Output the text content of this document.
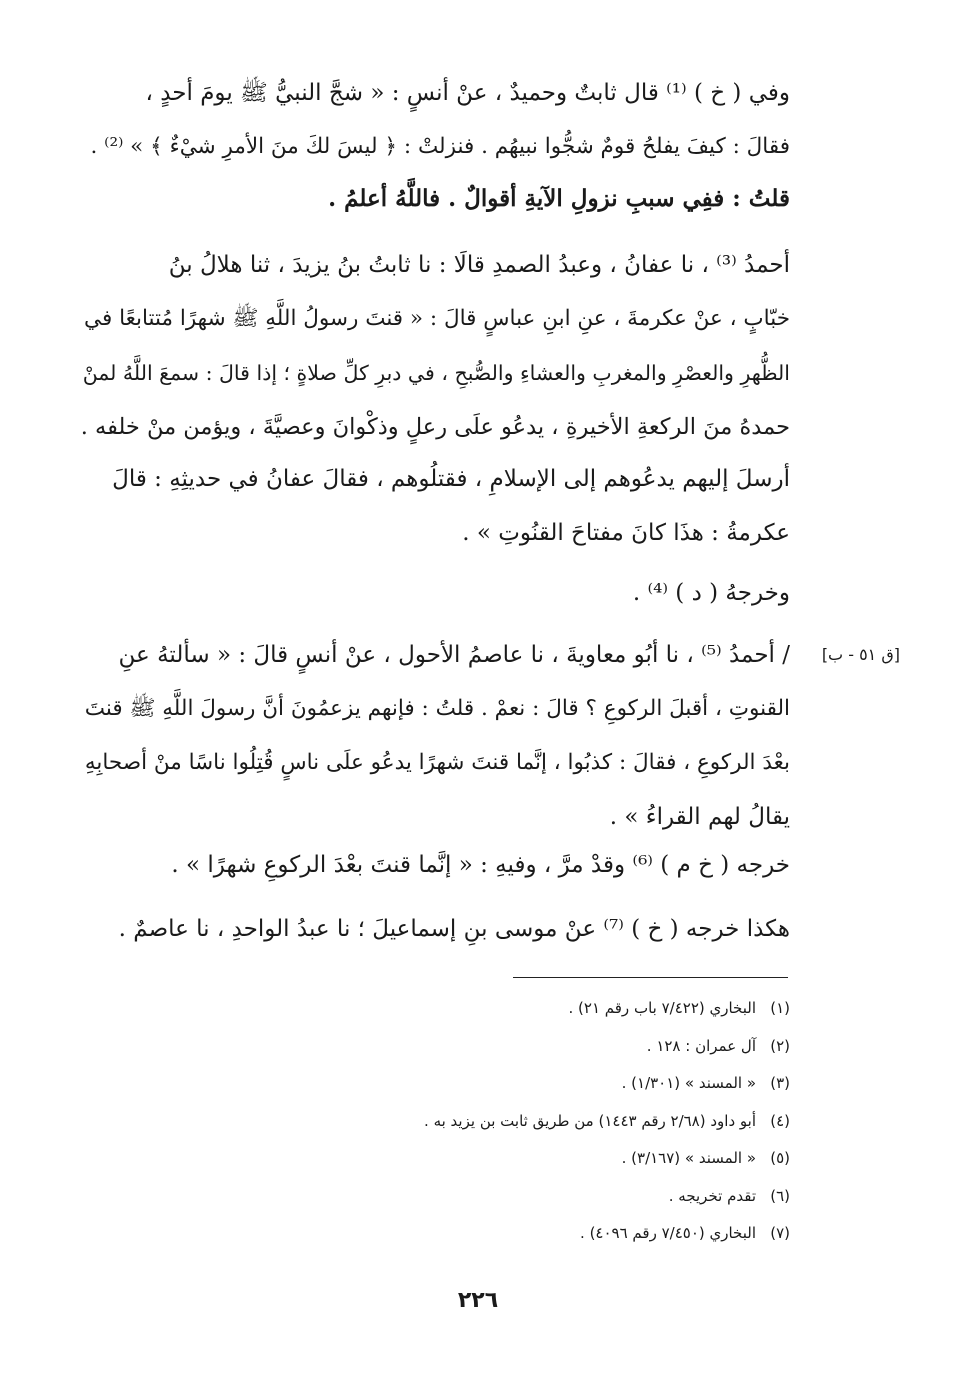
وفي ( خ ) ⁽¹⁾ قال ثابتٌ وحميدٌ ، عنْ أنسٍ : « شجَّ النبيُّ ﷺ يومَ أحدٍ ،
فقالَ : كيفَ يفلحُ قومٌ شجُّوا نبيهُم . فنزلتْ : ﴿ ليسَ لكَ منَ الأمرِ شيْءٌ ﴾ » ⁽²⁾ .
قلتُ : ففِي سببِ نزولِ الآيةِ أقوالٌ . فاللَّهُ أعلمُ .
أحمدُ ⁽³⁾ ، نا عفانُ ، وعبدُ الصمدِ قالَا : نا ثابتُ بنُ يزيدَ ، ثنا هلالُ بنُ
خبّابٍ ، عنْ عكرمةَ ، عنِ ابنِ عباسٍ قالَ : « قنتَ رسولُ اللَّهِ ﷺ شهرًا مُتتابعًا في
الظُّهرِ والعصْرِ والمغربِ والعشاءِ والصُّبحِ ، في دبرِ كلِّ صلاةٍ ؛ إذا قالَ : سمعَ اللَّهُ لمنْ
حمدهُ منَ الركعةِ الأخيرةِ ، يدعُو علَى رعلٍ وذكْوانَ وعصيَّةَ ، ويؤمن منْ خلفه .
أرسلَ إليهم يدعُوهم إلى الإسلامِ ، فقتلُوهم ، فقالَ عفانُ في حديثِهِ : قالَ
عكرمةُ : هذَا كانَ مفتاحَ القنُوتِ » .
وخرجهُ ( د ) ⁽⁴⁾ .
[ق ٥١ - ب]
/ أحمدُ ⁽⁵⁾ ، نا أبُو معاويةَ ، نا عاصمُ الأحول ، عنْ أنسٍ قالَ : « سألتهُ عنِ
القنوتِ ، أقبلَ الركوعِ ؟ قالَ : نعمْ . قلتُ : فإنهم يزعمُونَ أنَّ رسولَ اللَّهِ ﷺ قنتَ
بعْدَ الركوعِ ، فقالَ : كذبُوا ، إنَّما قنتَ شهرًا يدعُو علَى ناسٍ قُتِلُوا ناسًا منْ أصحابِهِ
يقالُ لهم القراءُ » .
خرجه ( خ م ) ⁽⁶⁾ وقدْ مرَّ ، وفيهِ : « إنَّما قنتَ بعْدَ الركوعِ شهرًا » .
هكذا خرجه ( خ ) ⁽⁷⁾ عنْ موسى بنِ إسماعيلَ ؛ نا عبدُ الواحدِ ، نا عاصمٌ .
(١)البخاري (٧/٤٢٢ باب رقم ٢١) .
(٢)آل عمران : ١٢٨ .
(٣)« المسند » (١/٣٠١) .
(٤)أبو داود (٢/٦٨ رقم ١٤٤٣) من طريق ثابت بن يزيد به .
(٥)« المسند » (٣/١٦٧) .
(٦)تقدم تخريجه .
(٧)البخاري (٧/٤٥٠ رقم ٤٠٩٦) .
٢٢٦
